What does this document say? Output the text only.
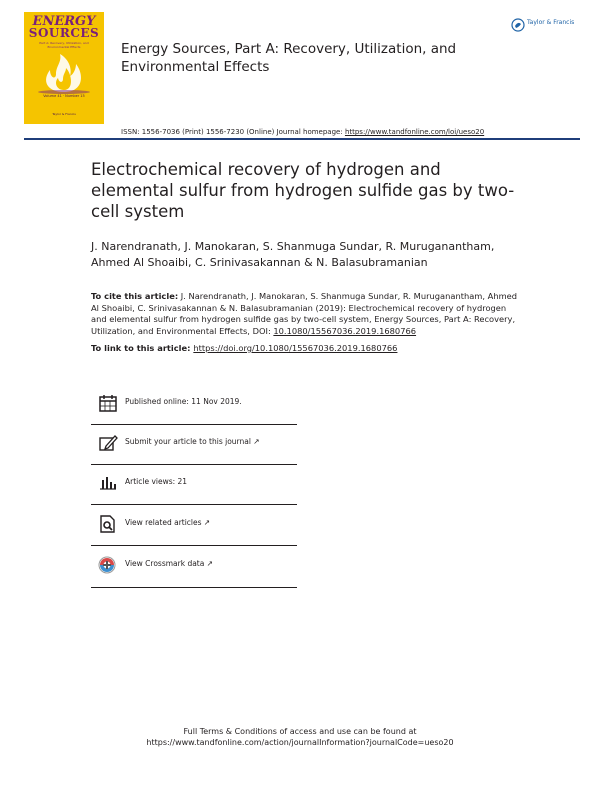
ENERGY
SOURCES
Part A: Recovery, Utilization, and Environmental Effects
Volume 41 · Number 15
Taylor & Francis
Energy Sources, Part A: Recovery, Utilization, and Environmental Effects
Taylor & Francis
ISSN: 1556-7036 (Print) 1556-7230 (Online) Journal homepage: https://www.tandfonline.com/loi/ueso20
Electrochemical recovery of hydrogen and elemental sulfur from hydrogen sulfide gas by two-cell system
J. Narendranath, J. Manokaran, S. Shanmuga Sundar, R. Muruganantham, Ahmed Al Shoaibi, C. Srinivasakannan & N. Balasubramanian
To cite this article: J. Narendranath, J. Manokaran, S. Shanmuga Sundar, R. Muruganantham, Ahmed Al Shoaibi, C. Srinivasakannan & N. Balasubramanian (2019): Electrochemical recovery of hydrogen and elemental sulfur from hydrogen sulfide gas by two-cell system, Energy Sources, Part A: Recovery, Utilization, and Environmental Effects, DOI: 10.1080/15567036.2019.1680766
To link to this article: https://doi.org/10.1080/15567036.2019.1680766
Published online: 11 Nov 2019.
Submit your article to this journal ↗
Article views: 21
View related articles ↗
View Crossmark data ↗
Full Terms & Conditions of access and use can be found at
https://www.tandfonline.com/action/journalInformation?journalCode=ueso20
